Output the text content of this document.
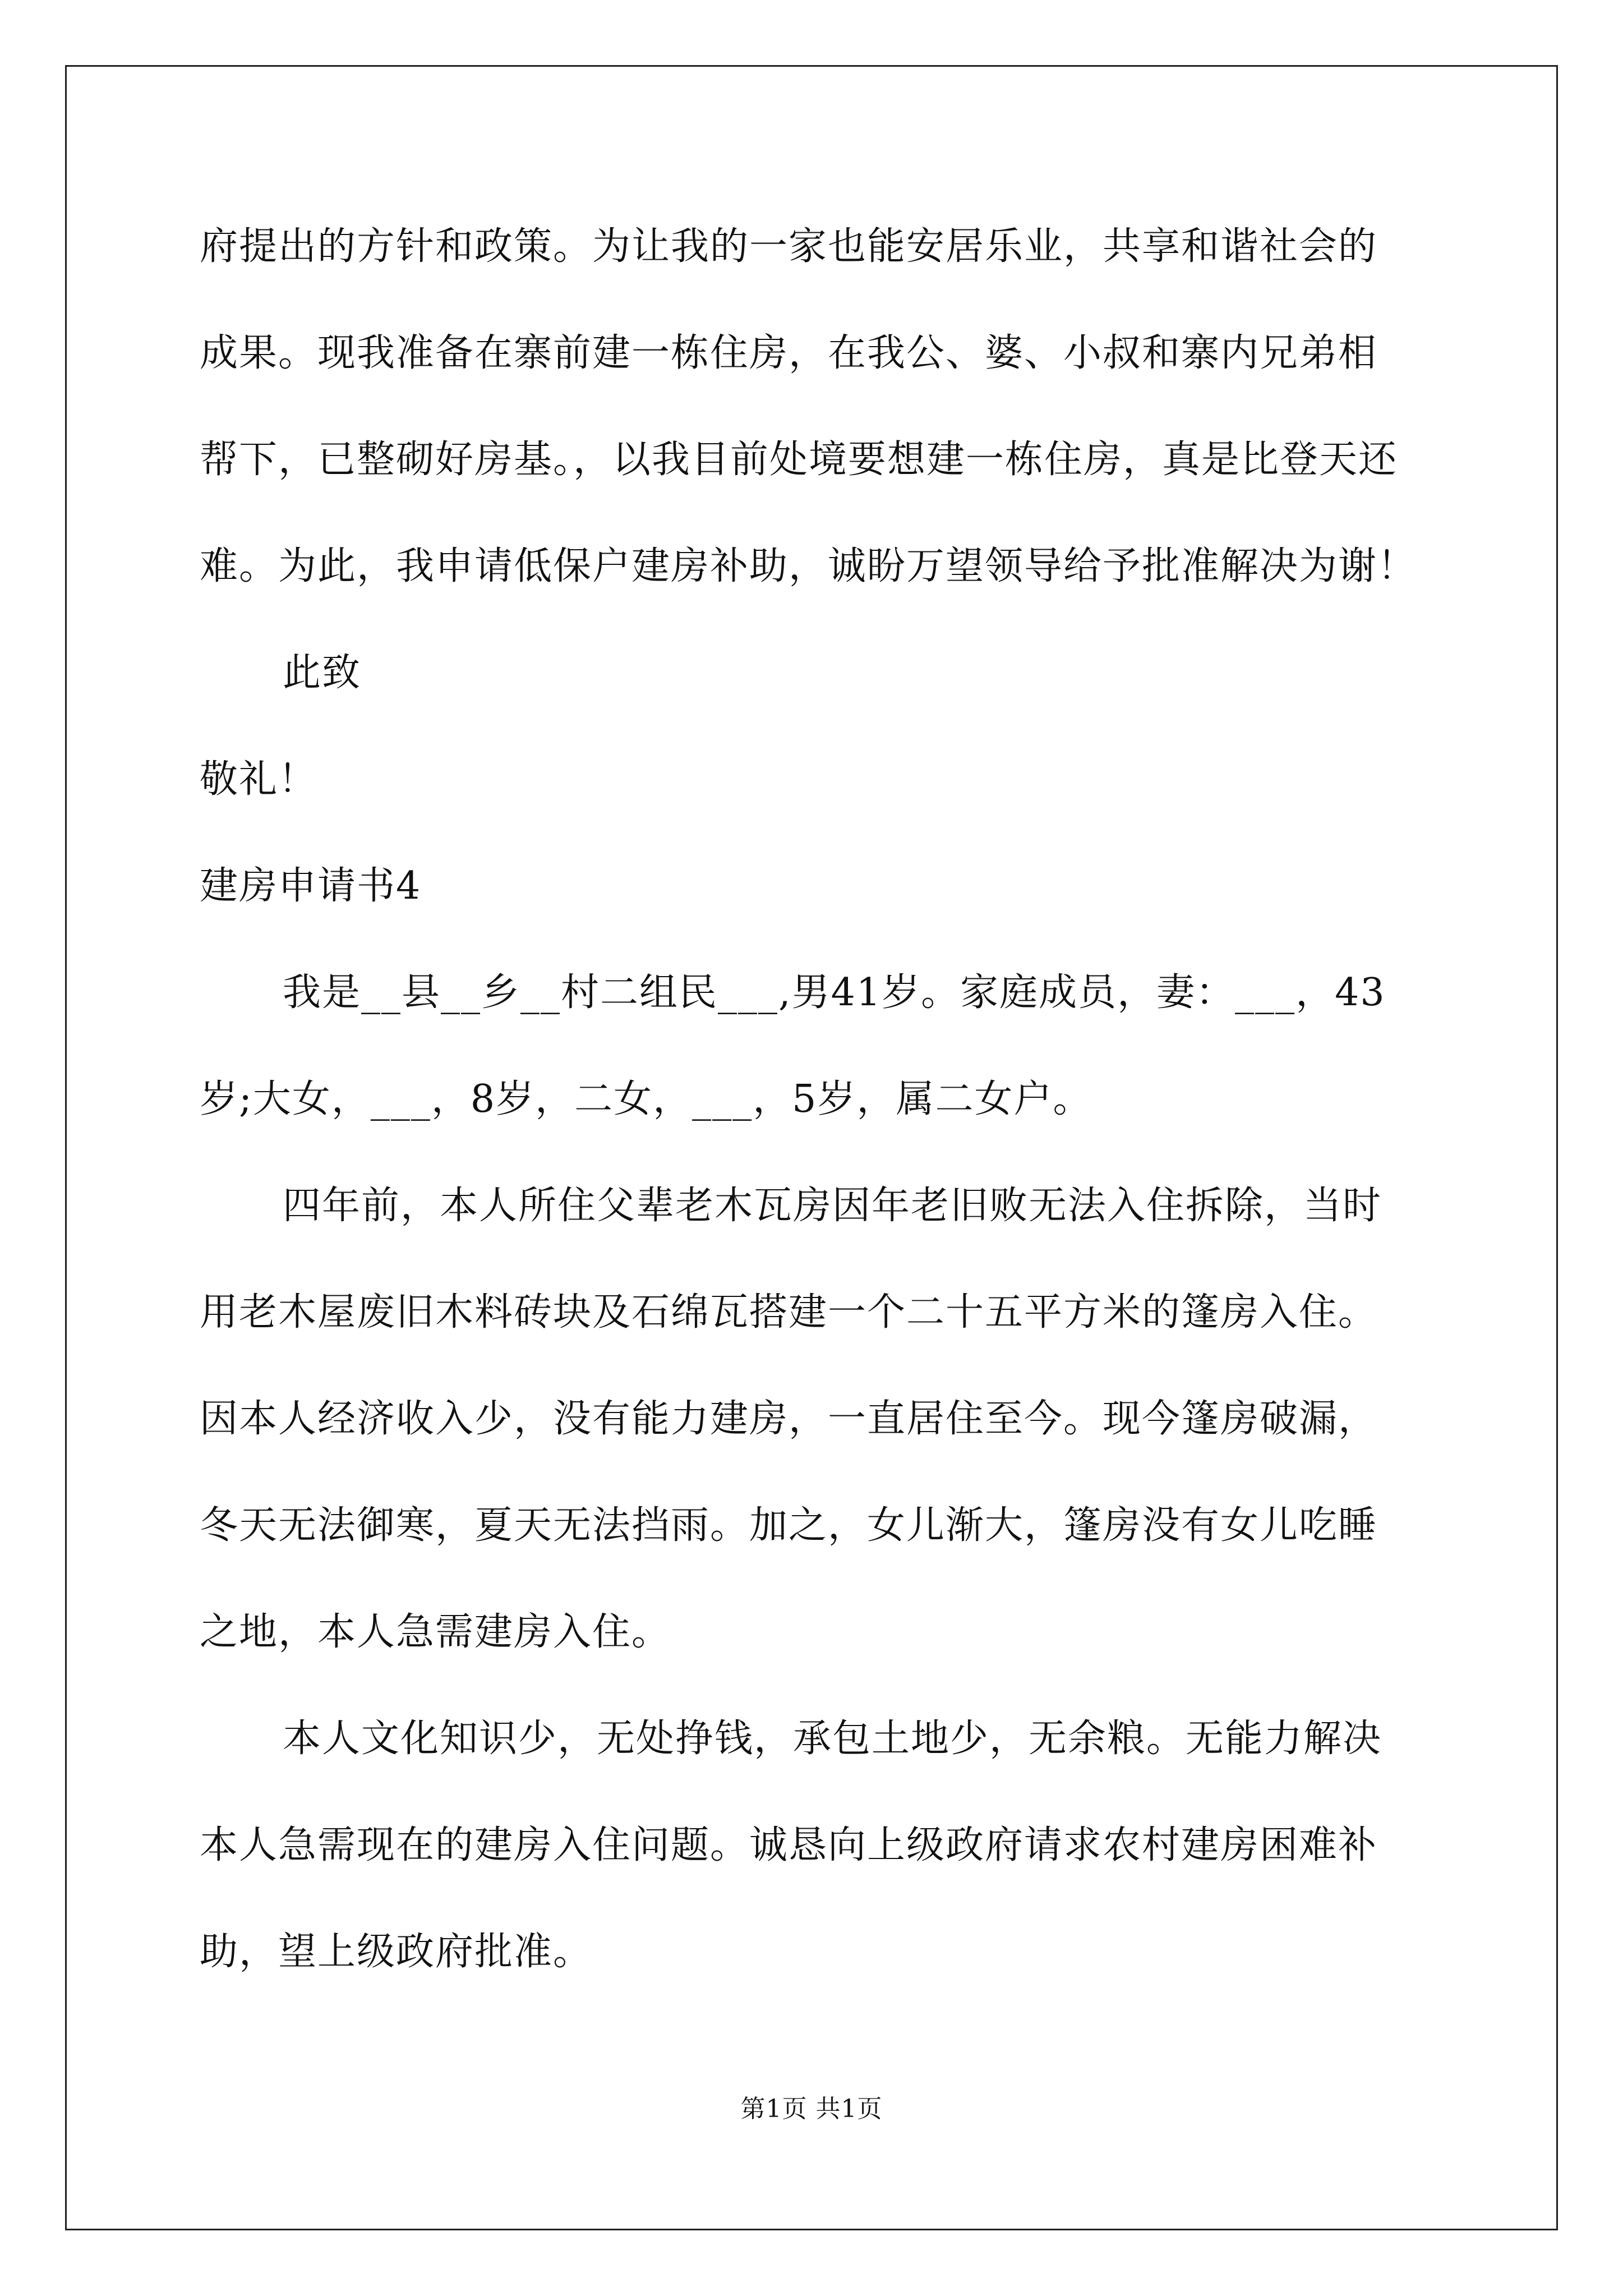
府提出的方针和政策。为让我的一家也能安居乐业，共享和谐社会的
成果。现我准备在寨前建一栋住房，在我公、婆、小叔和寨内兄弟相
帮下，已整砌好房基。，以我目前处境要想建一栋住房，真是比登天还
难。为此，我申请低保户建房补助，诚盼万望领导给予批准解决为谢！
此致
敬礼！
建房申请书4
我是__县__乡__村二组民___,男41岁。家庭成员，妻：___，43
岁;大女，___，8岁，二女，___，5岁，属二女户。
四年前，本人所住父辈老木瓦房因年老旧败无法入住拆除，当时
用老木屋废旧木料砖块及石绵瓦搭建一个二十五平方米的篷房入住。
因本人经济收入少，没有能力建房，一直居住至今。现今篷房破漏，
冬天无法御寒，夏天无法挡雨。加之，女儿渐大，篷房没有女儿吃睡
之地，本人急需建房入住。
本人文化知识少，无处挣钱，承包土地少，无余粮。无能力解决
本人急需现在的建房入住问题。诚恳向上级政府请求农村建房困难补
助，望上级政府批准。
第1页 共1页
